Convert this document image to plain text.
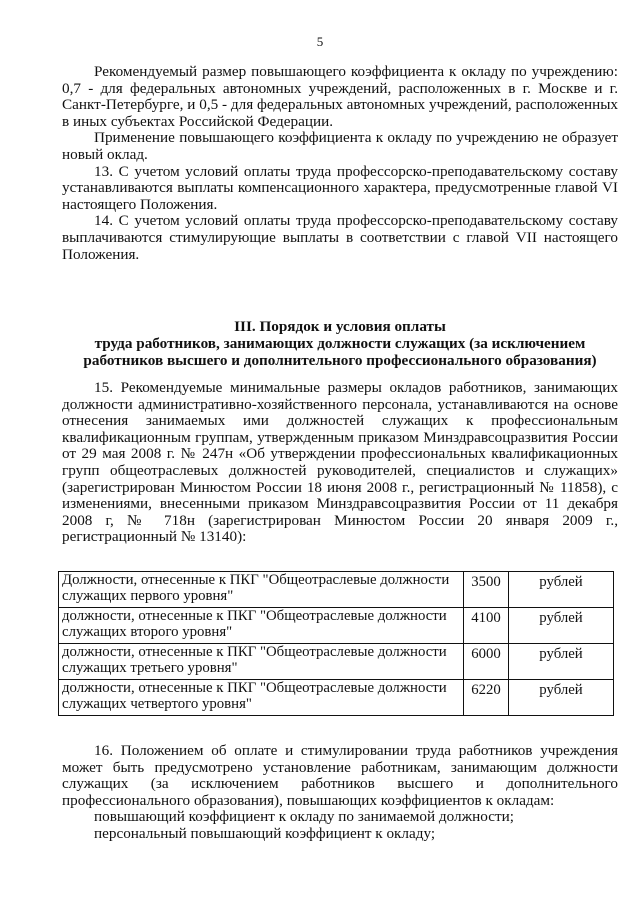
5

Рекомендуемый размер повышающего коэффициента к окладу по учреждению: 0,7 - для федеральных автономных учреждений, расположенных в г. Москве и г. Санкт-Петербурге, и 0,5 - для федеральных автономных учреждений, расположенных в иных субъектах Российской Федерации.

Применение повышающего коэффициента к окладу по учреждению не образует новый оклад.

13. С учетом условий оплаты труда профессорско-преподавательскому составу устанавливаются выплаты компенсационного характера, предусмотренные главой VI настоящего Положения.

14. С учетом условий оплаты труда профессорско-преподавательскому составу выплачиваются стимулирующие выплаты в соответствии с главой VII настоящего Положения.

III. Порядок и условия оплаты
труда работников, занимающих должности служащих (за исключением
работников высшего и дополнительного профессионального образования)

15. Рекомендуемые минимальные размеры окладов работников, занимающих должности административно-хозяйственного персонала, устанавливаются на основе отнесения занимаемых ими должностей служащих к профессиональным квалификационным группам, утвержденным приказом Минздравсоцразвития России от 29 мая 2008 г. № 247н «Об утверждении профессиональных квалификационных групп общеотраслевых должностей руководителей, специалистов и служащих» (зарегистрирован Минюстом России 18 июня 2008 г., регистрационный № 11858), с изменениями, внесенными приказом Минздравсоцразвития России от 11 декабря 2008 г, № 718н (зарегистрирован Минюстом России 20 января 2009 г., регистрационный № 13140):

Должности, отнесенные к ПКГ "Общеотраслевые должности служащих первого уровня"	3500	рублей
должности, отнесенные к ПКГ "Общеотраслевые должности служащих второго уровня"	4100	рублей
должности, отнесенные к ПКГ "Общеотраслевые должности служащих третьего уровня"	6000	рублей
должности, отнесенные к ПКГ "Общеотраслевые должности служащих четвертого уровня"	6220	рублей

16. Положением об оплате и стимулировании труда работников учреждения может быть предусмотрено установление работникам, занимающим должности служащих (за исключением работников высшего и дополнительного профессионального образования), повышающих коэффициентов к окладам:

повышающий коэффициент к окладу по занимаемой должности;

персональный повышающий коэффициент к окладу;
